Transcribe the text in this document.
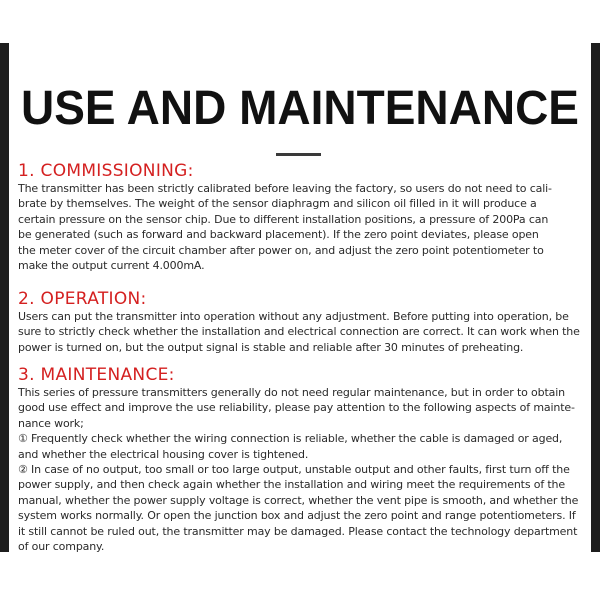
USE AND MAINTENANCE
1. COMMISSIONING:

The transmitter has been strictly calibrated before leaving the factory, so users do not need to cali-
brate by themselves. The weight of the sensor diaphragm and silicon oil filled in it will produce a
certain pressure on the sensor chip. Due to different installation positions, a pressure of 200Pa can
be generated (such as forward and backward placement). If the zero point deviates, please open
the meter cover of the circuit chamber after power on, and adjust the zero point potentiometer to
make the output current 4.000mA.

2. OPERATION:

Users can put the transmitter into operation without any adjustment. Before putting into operation, be
sure to strictly check whether the installation and electrical connection are correct. It can work when the
power is turned on, but the output signal is stable and reliable after 30 minutes of preheating.

3. MAINTENANCE:

This series of pressure transmitters generally do not need regular maintenance, but in order to obtain
good use effect and improve the use reliability, please pay attention to the following aspects of mainte-
nance work;
① Frequently check whether the wiring connection is reliable, whether the cable is damaged or aged,
and whether the electrical housing cover is tightened.
② In case of no output, too small or too large output, unstable output and other faults, first turn off the
power supply, and then check again whether the installation and wiring meet the requirements of the
manual, whether the power supply voltage is correct, whether the vent pipe is smooth, and whether the
system works normally. Or open the junction box and adjust the zero point and range potentiometers. If
it still cannot be ruled out, the transmitter may be damaged. Please contact the technology department
of our company.
